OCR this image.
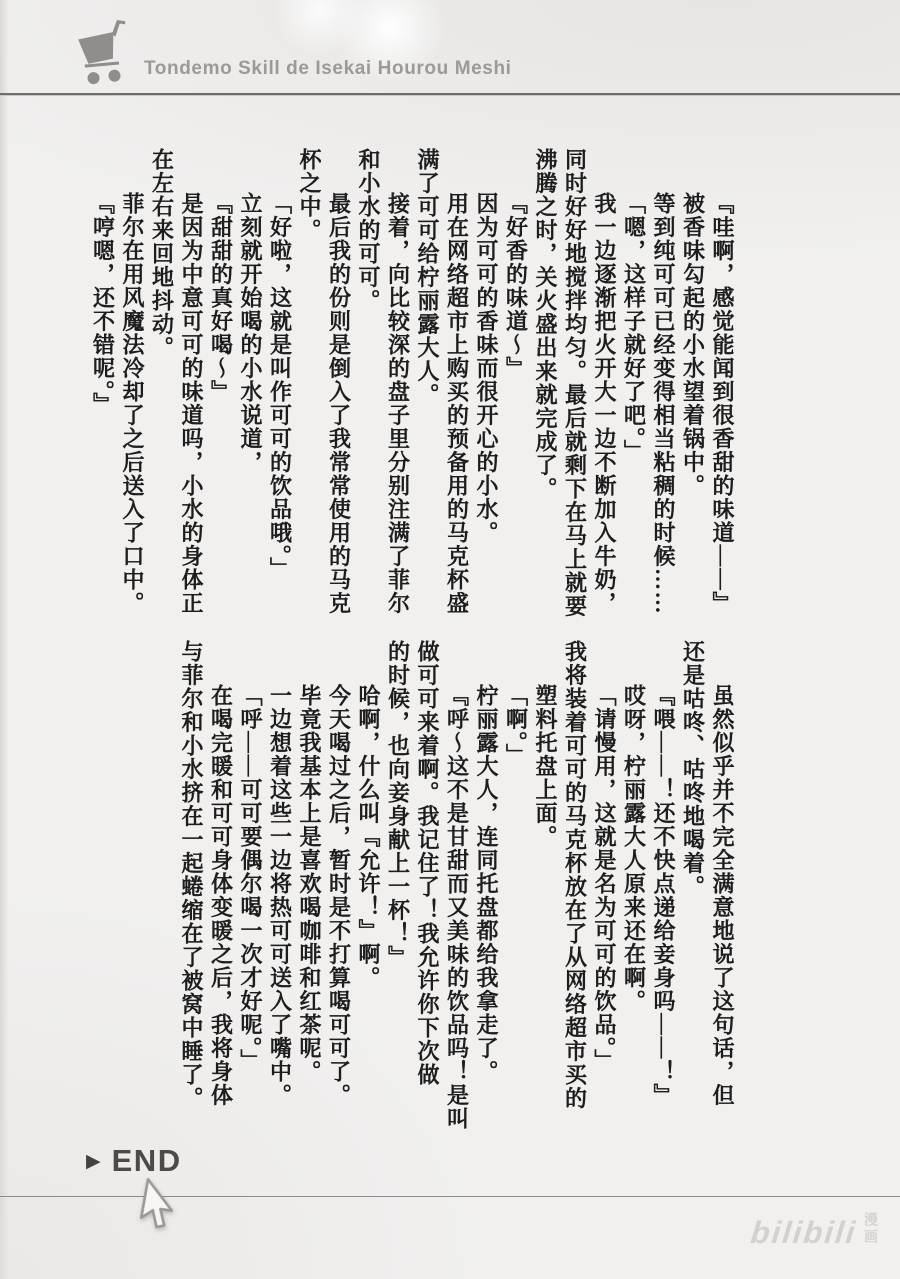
Tondemo Skill de Isekai Hourou Meshi
『哇啊，感觉能闻到很香甜的味道——』
被香味勾起的小水望着锅中。
等到纯可可已经变得相当粘稠的时候……
「嗯，这样子就好了吧。」
我一边逐渐把火开大一边不断加入牛奶，
同时好好地搅拌均匀。最后就剩下在马上就要
沸腾之时，关火盛出来就完成了。
『好香的味道～』
因为可可的香味而很开心的小水。
用在网络超市上购买的预备用的马克杯盛
满了可可给柠丽露大人。
接着，向比较深的盘子里分别注满了菲尔
和小水的可可。
最后我的份则是倒入了我常常使用的马克
杯之中。
「好啦，这就是叫作可可的饮品哦。」
立刻就开始喝的小水说道，
『甜甜的真好喝～』
是因为中意可可的味道吗，小水的身体正
在左右来回地抖动。
菲尔在用风魔法冷却了之后送入了口中。
『哼嗯，还不错呢。』
虽然似乎并不完全满意地说了这句话，但
还是咕咚、咕咚地喝着。
『喂——！还不快点递给妾身吗——！』
哎呀，柠丽露大人原来还在啊。
「请慢用，这就是名为可可的饮品。」
我将装着可可的马克杯放在了从网络超市买的
塑料托盘上面。
「啊。」
柠丽露大人，连同托盘都给我拿走了。
『呼～这不是甘甜而又美味的饮品吗！是叫
做可可来着啊。我记住了！我允许你下次做
的时候，也向妾身献上一杯！』
哈啊，什么叫『允许！』啊。
今天喝过之后，暂时是不打算喝可可了。
毕竟我基本上是喜欢喝咖啡和红茶呢。
一边想着这些一边将热可可送入了嘴中。
「呼——可可要偶尔喝一次才好呢。」
在喝完暖和可可身体变暖之后，我将身体
与菲尔和小水挤在一起蜷缩在了被窝中睡了。
▶ END
bilibili 漫画
